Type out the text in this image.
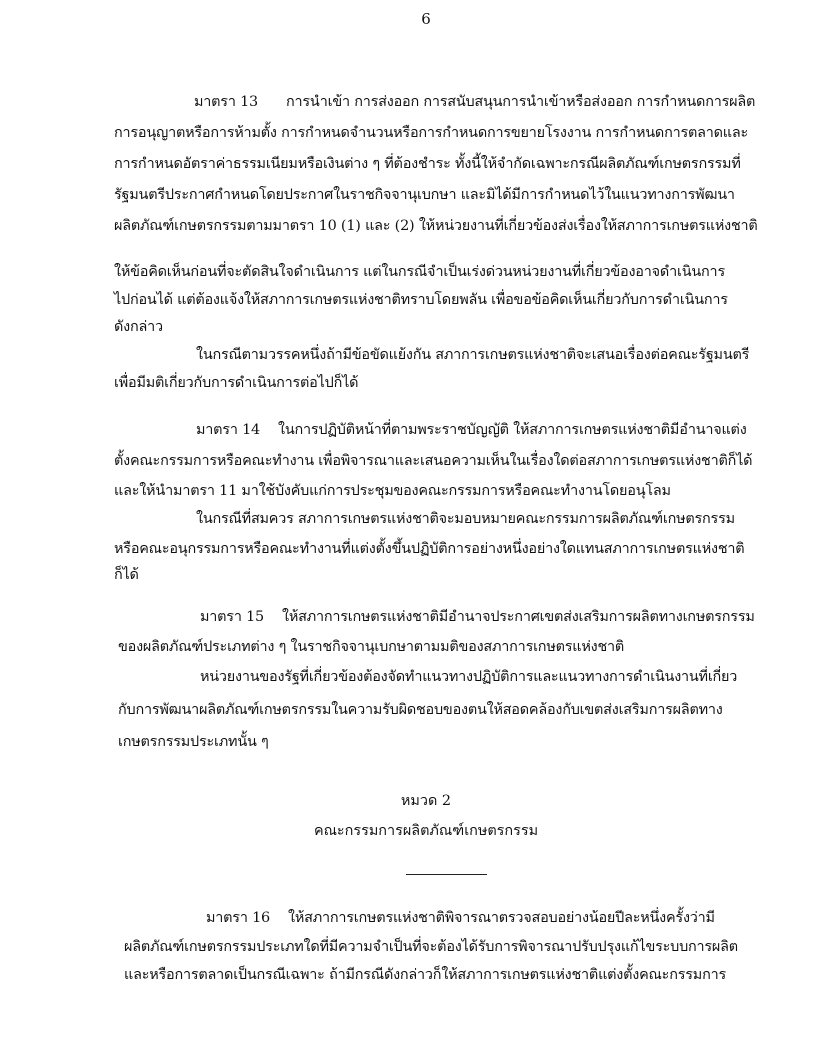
6
มาตรา 13 การนำเข้า การส่งออก การสนับสนุนการนำเข้าหรือส่งออก การกำหนดการผลิต
การอนุญาตหรือการห้ามตั้ง การกำหนดจำนวนหรือการกำหนดการขยายโรงงาน การกำหนดการตลาดและ
การกำหนดอัตราค่าธรรมเนียมหรือเงินต่าง ๆ ที่ต้องชำระ ทั้งนี้ให้จำกัดเฉพาะกรณีผลิตภัณฑ์เกษตรกรรมที่
รัฐมนตรีประกาศกำหนดโดยประกาศในราชกิจจานุเบกษา และมิได้มีการกำหนดไว้ในแนวทางการพัฒนา
ผลิตภัณฑ์เกษตรกรรมตามมาตรา 10 (1) และ (2) ให้หน่วยงานที่เกี่ยวข้องส่งเรื่องให้สภาการเกษตรแห่งชาติ
ให้ข้อคิดเห็นก่อนที่จะตัดสินใจดำเนินการ แต่ในกรณีจำเป็นเร่งด่วนหน่วยงานที่เกี่ยวข้องอาจดำเนินการ
ไปก่อนได้ แต่ต้องแจ้งให้สภาการเกษตรแห่งชาติทราบโดยพลัน เพื่อขอข้อคิดเห็นเกี่ยวกับการดำเนินการ
ดังกล่าว
ในกรณีตามวรรคหนึ่งถ้ามีข้อขัดแย้งกัน สภาการเกษตรแห่งชาติจะเสนอเรื่องต่อคณะรัฐมนตรี
เพื่อมีมติเกี่ยวกับการดำเนินการต่อไปก็ได้
มาตรา 14 ในการปฏิบัติหน้าที่ตามพระราชบัญญัติ ให้สภาการเกษตรแห่งชาติมีอำนาจแต่ง
ตั้งคณะกรรมการหรือคณะทำงาน เพื่อพิจารณาและเสนอความเห็นในเรื่องใดต่อสภาการเกษตรแห่งชาติก็ได้
และให้นำมาตรา 11 มาใช้บังคับแก่การประชุมของคณะกรรมการหรือคณะทำงานโดยอนุโลม
ในกรณีที่สมควร สภาการเกษตรแห่งชาติจะมอบหมายคณะกรรมการผลิตภัณฑ์เกษตรกรรม
หรือคณะอนุกรรมการหรือคณะทำงานที่แต่งตั้งขึ้นปฏิบัติการอย่างหนึ่งอย่างใดแทนสภาการเกษตรแห่งชาติ
ก็ได้
มาตรา 15 ให้สภาการเกษตรแห่งชาติมีอำนาจประกาศเขตส่งเสริมการผลิตทางเกษตรกรรม
ของผลิตภัณฑ์ประเภทต่าง ๆ ในราชกิจจานุเบกษาตามมติของสภาการเกษตรแห่งชาติ
หน่วยงานของรัฐที่เกี่ยวข้องต้องจัดทำแนวทางปฏิบัติการและแนวทางการดำเนินงานที่เกี่ยว
กับการพัฒนาผลิตภัณฑ์เกษตรกรรมในความรับผิดชอบของตนให้สอดคล้องกับเขตส่งเสริมการผลิตทาง
เกษตรกรรมประเภทนั้น ๆ
หมวด 2
คณะกรรมการผลิตภัณฑ์เกษตรกรรม
มาตรา 16 ให้สภาการเกษตรแห่งชาติพิจารณาตรวจสอบอย่างน้อยปีละหนึ่งครั้งว่ามี
ผลิตภัณฑ์เกษตรกรรมประเภทใดที่มีความจำเป็นที่จะต้องได้รับการพิจารณาปรับปรุงแก้ไขระบบการผลิต
และหรือการตลาดเป็นกรณีเฉพาะ ถ้ามีกรณีดังกล่าวก็ให้สภาการเกษตรแห่งชาติแต่งตั้งคณะกรรมการ
